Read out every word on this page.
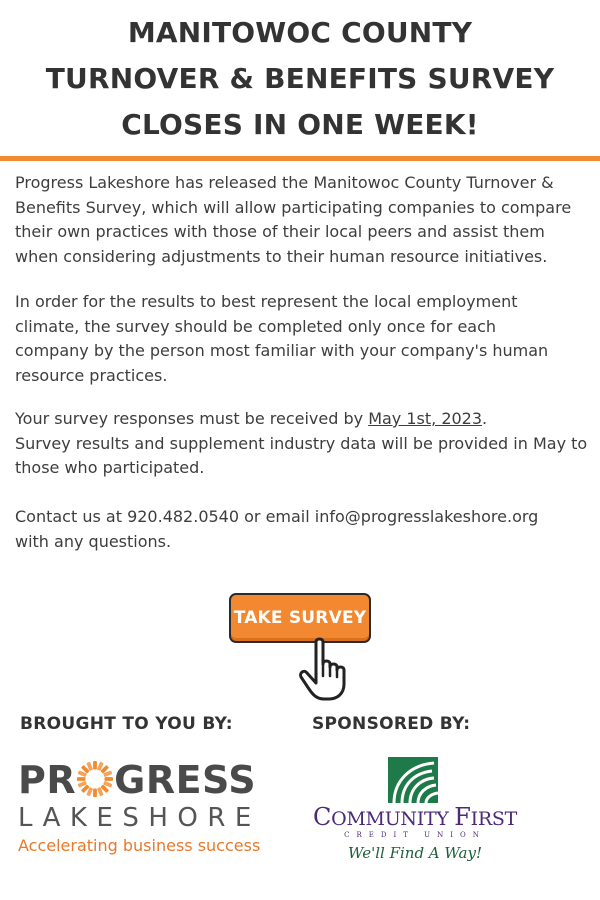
MANITOWOC COUNTY
TURNOVER & BENEFITS SURVEY
CLOSES IN ONE WEEK!

Progress Lakeshore has released the Manitowoc County Turnover &
Benefits Survey, which will allow participating companies to compare
their own practices with those of their local peers and assist them
when considering adjustments to their human resource initiatives.

In order for the results to best represent the local employment
climate, the survey should be completed only once for each
company by the person most familiar with your company's human
resource practices.

Your survey responses must be received by May 1st, 2023.
Survey results and supplement industry data will be provided in May to
those who participated.

Contact us at 920.482.0540 or email info@progresslakeshore.org
with any questions.

TAKE SURVEY
BROUGHT TO YOU BY:	SPONSORED BY:
PR GRESS
LAKESHORE
Accelerating business success
COMMUNITY FIRST
CREDIT UNION
We'll Find A Way!
